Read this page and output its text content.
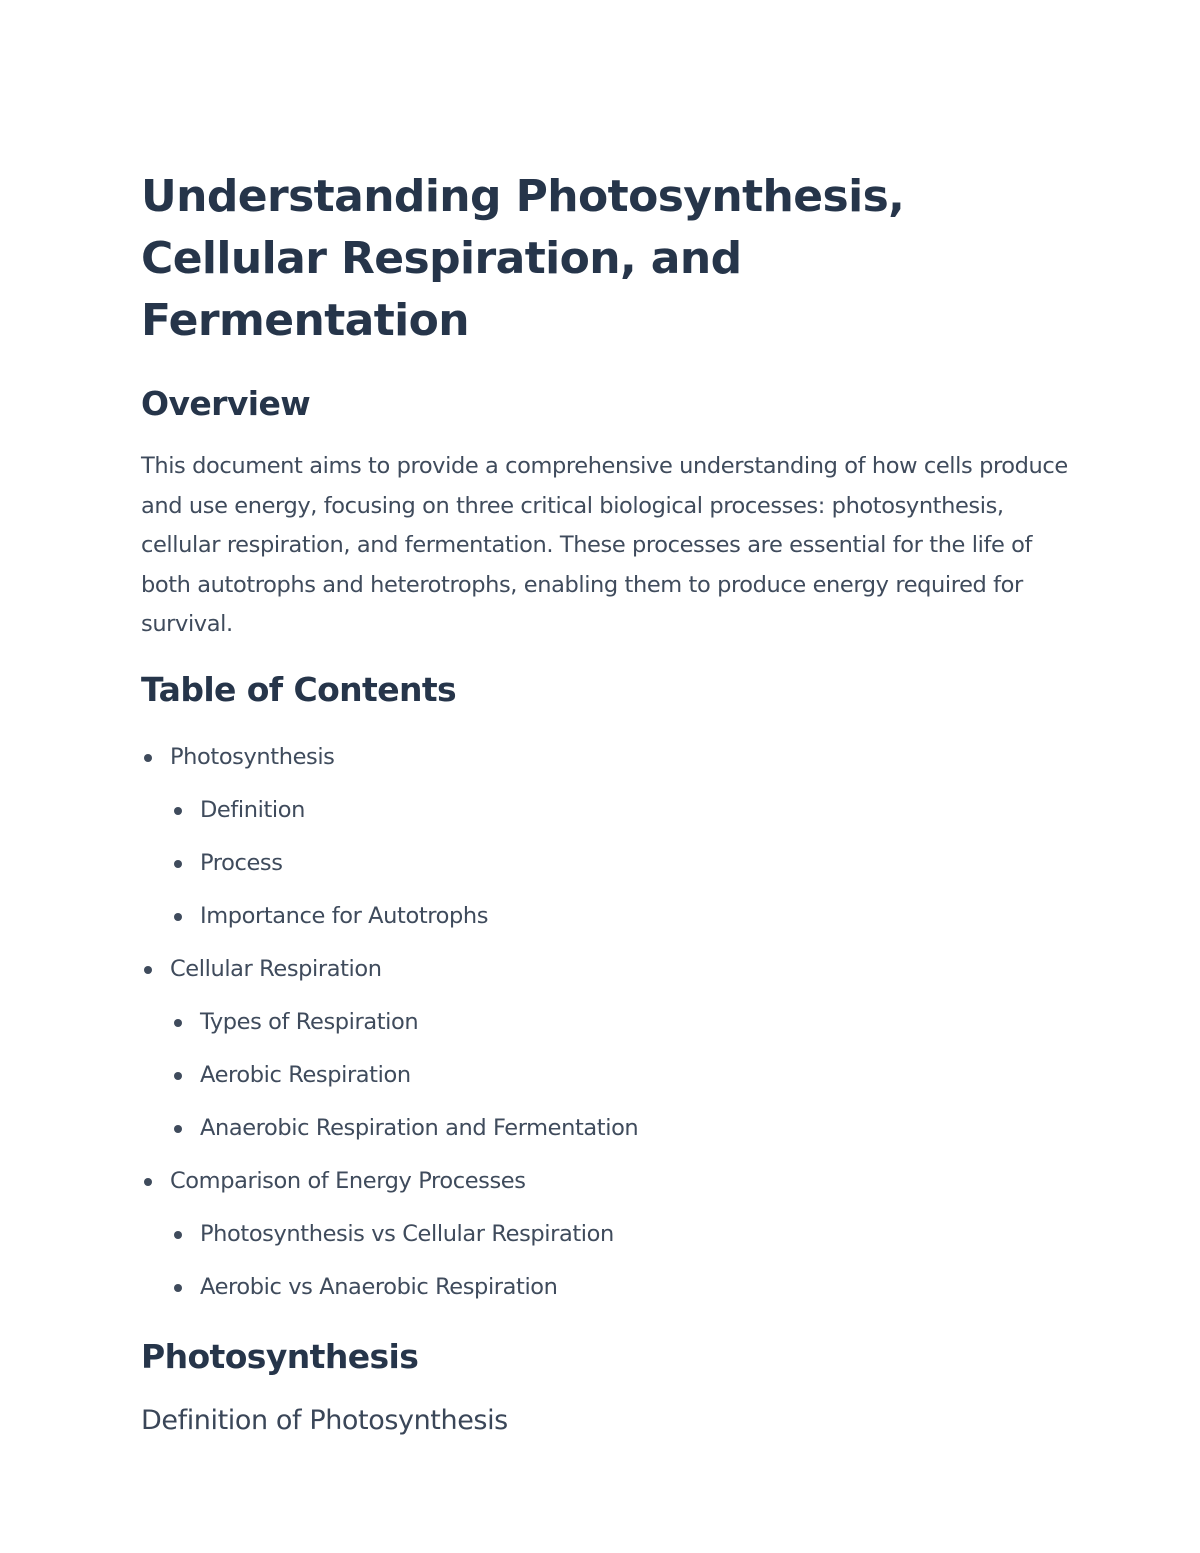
Understanding Photosynthesis, Cellular Respiration, and Fermentation
Overview

This document aims to provide a comprehensive understanding of how cells produce and use energy, focusing on three critical biological processes: photosynthesis, cellular respiration, and fermentation. These processes are essential for the life of both autotrophs and heterotrophs, enabling them to produce energy required for survival.

Table of Contents
Photosynthesis
Definition
Process
Importance for Autotrophs
Cellular Respiration
Types of Respiration
Aerobic Respiration
Anaerobic Respiration and Fermentation
Comparison of Energy Processes
Photosynthesis vs Cellular Respiration
Aerobic vs Anaerobic Respiration
Photosynthesis
Definition of Photosynthesis
